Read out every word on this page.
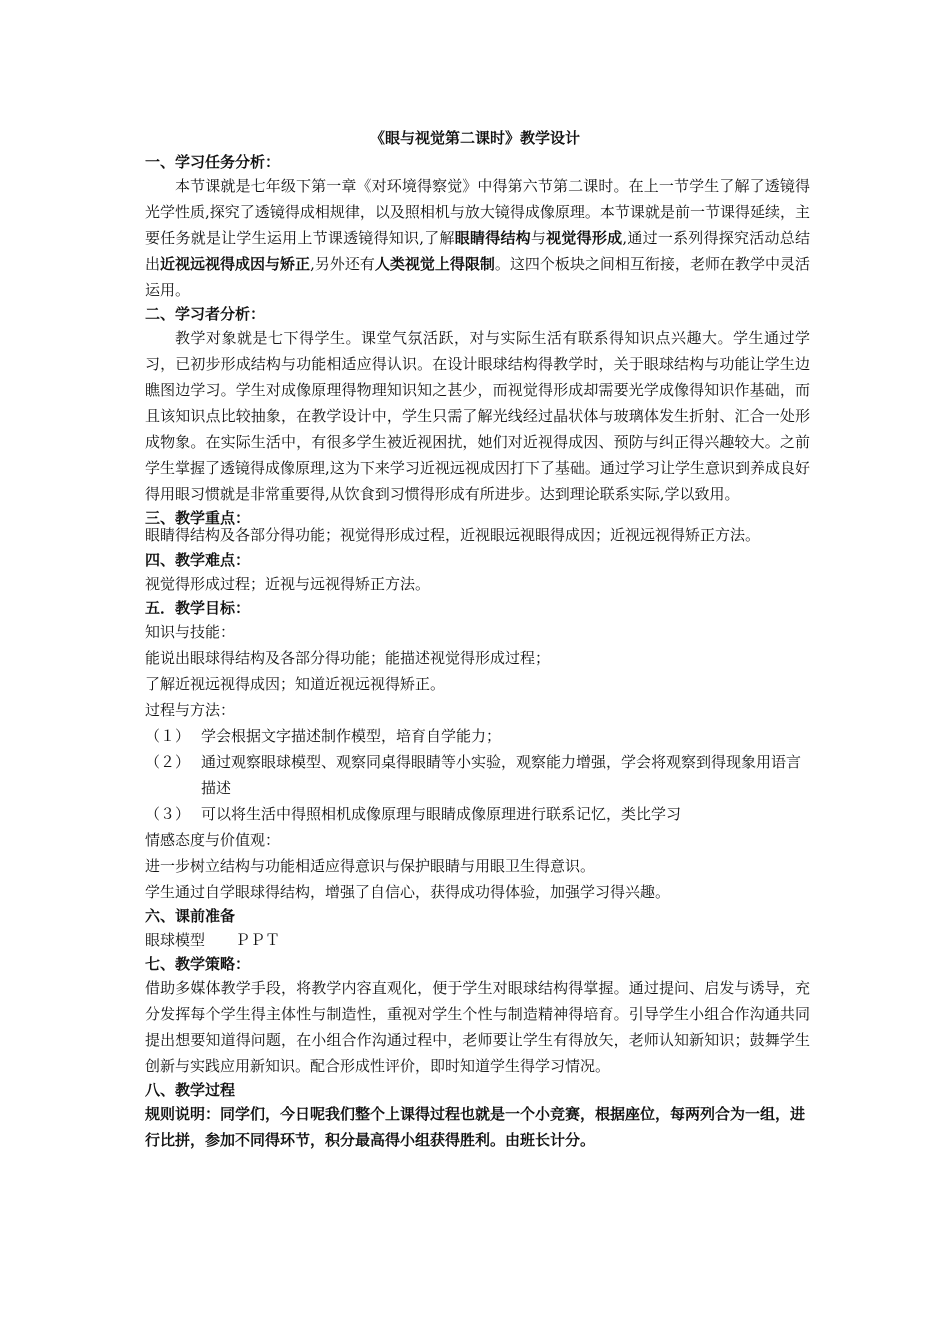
《眼与视觉第二课时》教学设计
一、学习任务分析：

本节课就是七年级下第一章《对环境得察觉》中得第六节第二课时。在上一节学生了解了透镜得光学性质,探究了透镜得成相规律，以及照相机与放大镜得成像原理。本节课就是前一节课得延续，主要任务就是让学生运用上节课透镜得知识,了解眼睛得结构与视觉得形成,通过一系列得探究活动总结出近视远视得成因与矫正,另外还有人类视觉上得限制。这四个板块之间相互衔接，老师在教学中灵活运用。

二、学习者分析：

教学对象就是七下得学生。课堂气氛活跃，对与实际生活有联系得知识点兴趣大。学生通过学习，已初步形成结构与功能相适应得认识。在设计眼球结构得教学时，关于眼球结构与功能让学生边瞧图边学习。学生对成像原理得物理知识知之甚少，而视觉得形成却需要光学成像得知识作基础，而且该知识点比较抽象，在教学设计中，学生只需了解光线经过晶状体与玻璃体发生折射、汇合一处形成物象。在实际生活中，有很多学生被近视困扰，她们对近视得成因、预防与纠正得兴趣较大。之前学生掌握了透镜得成像原理,这为下来学习近视远视成因打下了基础。通过学习让学生意识到养成良好得用眼习惯就是非常重要得,从饮食到习惯得形成有所进步。达到理论联系实际,学以致用。

三、教学重点：

眼睛得结构及各部分得功能；视觉得形成过程，近视眼远视眼得成因；近视远视得矫正方法。

四、教学难点：

视觉得形成过程；近视与远视得矫正方法。

五．教学目标：

知识与技能：

能说出眼球得结构及各部分得功能；能描述视觉得形成过程；

了解近视远视得成因；知道近视远视得矫正。

过程与方法：

（１） 学会根据文字描述制作模型，培育自学能力；
（２） 通过观察眼球模型、观察同桌得眼睛等小实验，观察能力增强，学会将观察到得现象用语言描述
（３） 可以将生活中得照相机成像原理与眼睛成像原理进行联系记忆，类比学习

情感态度与价值观：

进一步树立结构与功能相适应得意识与保护眼睛与用眼卫生得意识。

学生通过自学眼球得结构，增强了自信心，获得成功得体验，加强学习得兴趣。

六、课前准备

眼球模型　　ＰＰＴ

七、教学策略：

借助多媒体教学手段，将教学内容直观化，便于学生对眼球结构得掌握。通过提问、启发与诱导，充分发挥每个学生得主体性与制造性，重视对学生个性与制造精神得培育。引导学生小组合作沟通共同提出想要知道得问题，在小组合作沟通过程中，老师要让学生有得放矢，老师认知新知识；鼓舞学生创新与实践应用新知识。配合形成性评价，即时知道学生得学习情况。

八、教学过程

规则说明：同学们，今日呢我们整个上课得过程也就是一个小竞赛，根据座位，每两列合为一组，进行比拼，参加不同得环节，积分最高得小组获得胜利。由班长计分。
